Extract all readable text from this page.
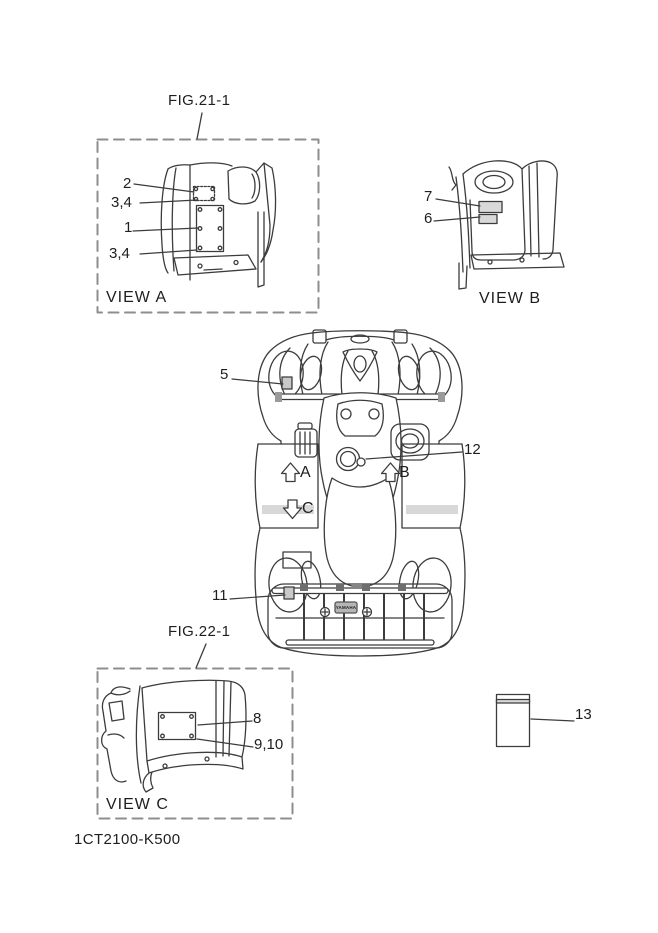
FIG.21-1
FIG.22-1
VIEW A	VIEW B
VIEW C
2
3,4
1
3,4
7
6
5
12
11
8
9,10
13
A	B
C
YAMAHA
1CT2100-K500
